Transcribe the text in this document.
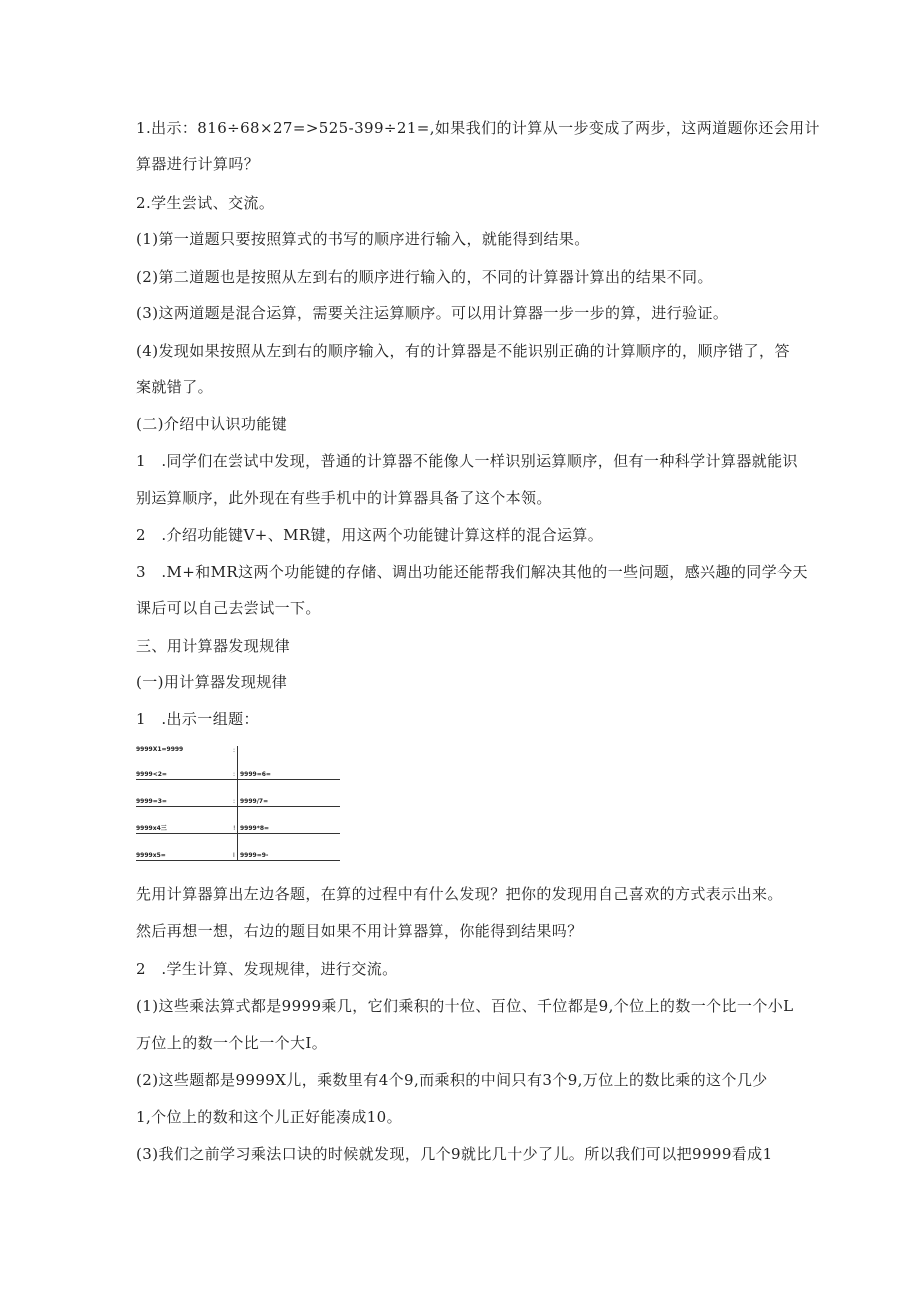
1.出示：816÷68×27=>525-399÷21=,如果我们的计算从一步变成了两步，这两道题你还会用计
算器进行计算吗？
2.学生尝试、交流。
(1)第一道题只要按照算式的书写的顺序进行输入，就能得到结果。
(2)第二道题也是按照从左到右的顺序进行输入的，不同的计算器计算出的结果不同。
(3)这两道题是混合运算，需要关注运算顺序。可以用计算器一步一步的算，进行验证。
(4)发现如果按照从左到右的顺序输入，有的计算器是不能识别正确的计算顺序的，顺序错了，答
案就错了。
(二)介绍中认识功能键
1　.同学们在尝试中发现，普通的计算器不能像人一样识别运算顺序，但有一种科学计算器就能识
别运算顺序，此外现在有些手机中的计算器具备了这个本领。
2　.介绍功能键V+、MR键，用这两个功能键计算这样的混合运算。
3　.M+和MR这两个功能键的存储、调出功能还能帮我们解决其他的一些问题，感兴趣的同学今天
课后可以自己去尝试一下。
三、用计算器发现规律
(一)用计算器发现规律
1　.出示一组题：
9999X1=9999
9999<2=
9999=3=
9999x4三
9999x5=
:
:
:
!
I
9999=6=
9999/7=
9999*8=
9999=9-
先用计算器算出左边各题，在算的过程中有什么发现？把你的发现用自己喜欢的方式表示出来。
然后再想一想，右边的题目如果不用计算器算，你能得到结果吗？
2　.学生计算、发现规律，进行交流。
(1)这些乘法算式都是9999乘几，它们乘积的十位、百位、千位都是9,个位上的数一个比一个小L
万位上的数一个比一个大I。
(2)这些题都是9999X儿，乘数里有4个9,而乘积的中间只有3个9,万位上的数比乘的这个几少
1,个位上的数和这个儿正好能凑成10。
(3)我们之前学习乘法口诀的时候就发现，几个9就比几十少了儿。所以我们可以把9999看成1
